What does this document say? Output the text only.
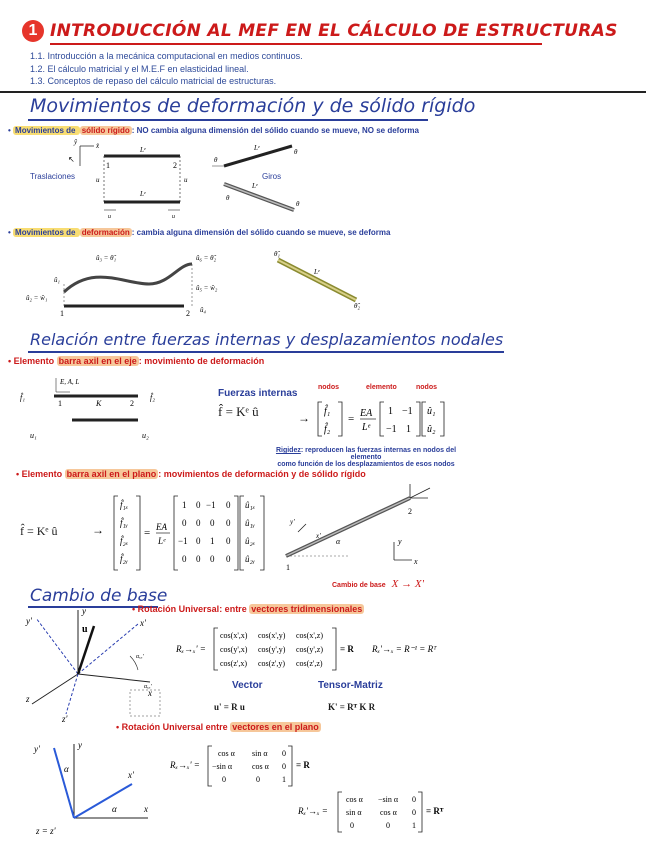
1 INTRODUCCIÓN AL MEF EN EL CÁLCULO DE ESTRUCTURAS
1.1. Introducción a la mecánica computacional en medios continuos.
1.2. El cálculo matricial y el M.E.F en elasticidad lineal.
1.3. Conceptos de repaso del cálculo matricial de estructuras.
Movimientos de deformación y de sólido rígido
• Movimientos de sólido rígido : NO cambia alguna dimensión del sólido cuando se mueve, NO se deforma
ŷ	x̂
1	2
Lᵉ
Lᵉ
↖
u	u
u	u
Traslaciones
θ
θ
Lᵉ
θ
θ
Lᵉ
Giros
• Movimientos de deformación : cambia alguna dimensión del sólido cuando se mueve, se deforma
1	2
û₁
û₂ = ŵ₁
û₃ = θ̂₁	û₆ = θ̂₂
û₅ = ŵ₂
û₄
θ̂₁
θ̂₂
Lᵉ
Relación entre fuerzas internas y desplazamientos nodales
• Elemento barra axil en el eje : movimiento de deformación
E, A, L
1	2
K
f̂₁	f̂₂
u₁	u₂
Fuerzas internas
nodos	elemento	nodos
f̂ = Kᵉ û	→ f̂₁
f̂₂
= EA
Lᵉ
1 −1
−1 1
û₁
û₂
Rigidez: reproducen las fuerzas internas en nodos del elemento
como función de los desplazamientos de esos nodos
• Elemento barra axil en el plano : movimientos de deformación y de sólido rígido
f̂ = Kᵉ û	→
f̂₁ₓ
f̂₁ᵧ
f̂₂ₓ
f̂₂ᵧ
= EA
Lᵉ
1 0 −1 0
0 0 0 0
−1 0 1 0
0 0 0 0
û₁ₓ
û₁ᵧ
û₂ₓ
û₂ᵧ
1
2
y'
x'
α	y
x
Cambio de base X → X'
Cambio de base
• Rotación Universal: entre vectores tridimensionales
y
x
z
y'	x'
z'
u
αₓₓ'
αₓₓ'
Rₓ→ₓ' =
cos(x',x) cos(x',y) cos(x',z)
cos(y',x) cos(y',y) cos(y',z)
cos(z',x) cos(z',y) cos(z',z)
= R Rₓ'→ₓ = R⁻¹ = Rᵀ
Vector	Tensor-Matriz
u' = R u	K' = Rᵀ K R
• Rotación Universal entre vectores en el plano
y
x
y'
x'
α
α
z = z'
Rₓ→ₓ' =
cos α sin α 0
−sin α cos α 0
0	0	1
= R
Rₓ'→ₓ =
cos α −sin α 0
sin α cos α 0
0	0	1
= Rᵀ
